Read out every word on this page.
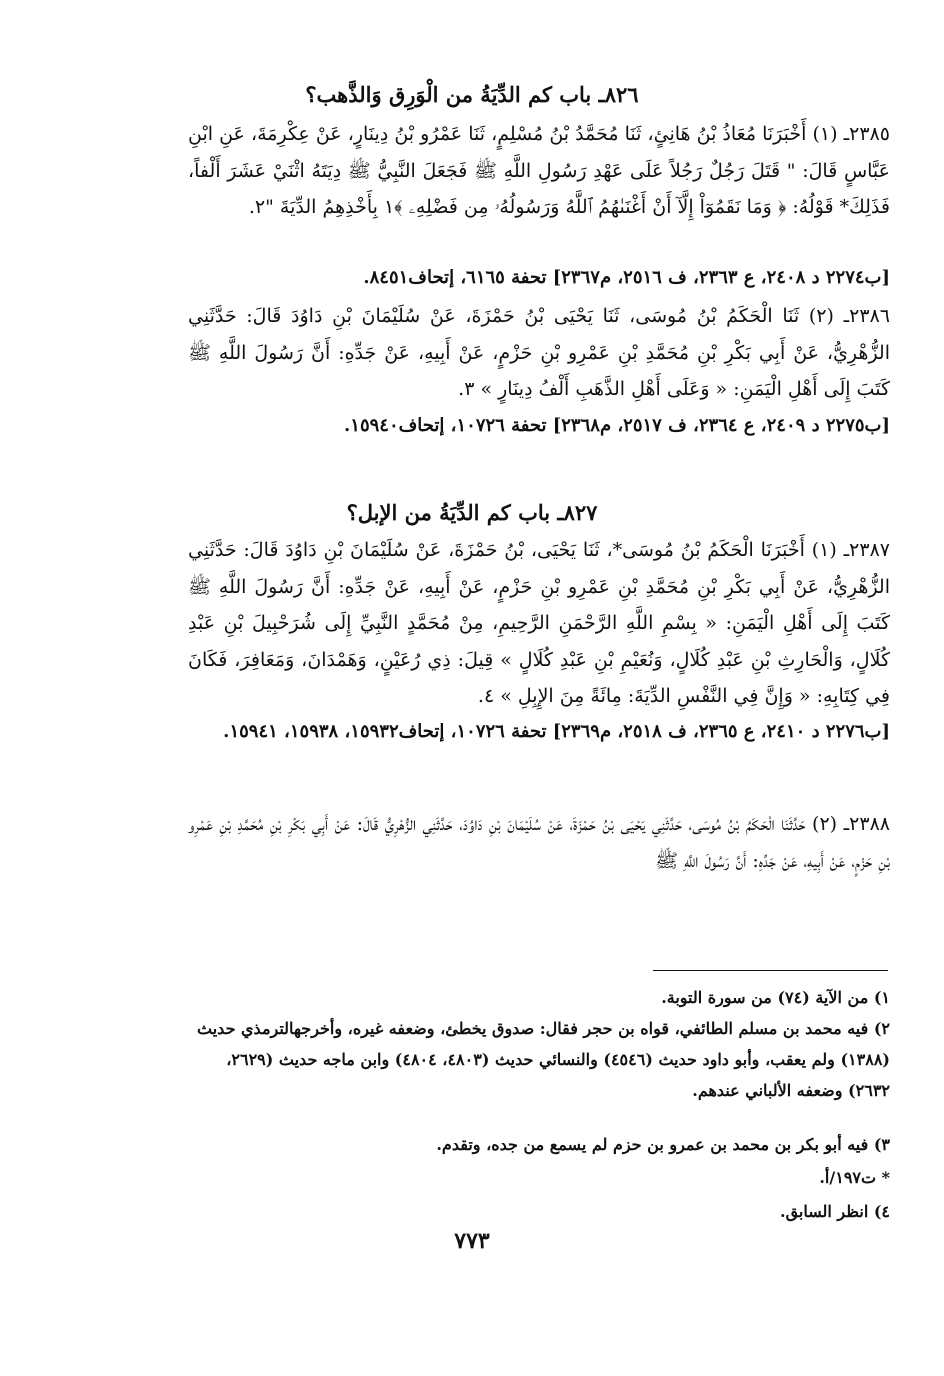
٨٢٦ـ باب كم الدِّيَةُ من الْوَرِق وَالذَّهب؟

٢٣٨٥ـ (١) أَخْبَرَنَا مُعَاذُ بْنُ هَانِئٍ، ثَنَا مُحَمَّدُ بْنُ مُسْلِمٍ، ثَنَا عَمْرُو بْنُ دِينَارٍ، عَنْ عِكْرِمَةَ، عَنِ ابْنِ عَبَّاسٍ قَالَ: " قَتَلَ رَجُلٌ رَجُلاً عَلَى عَهْدِ رَسُولِ اللَّهِ ﷺ فَجَعَلَ النَّبِيُّ ﷺ دِيَتَهُ اثْنَيْ عَشَرَ أَلْفاً، فَذَلِكَ* قَوْلُهُ: ﴿ وَمَا نَقَمُوٓاْ إِلَّآ أَنْ أَغْنَىٰهُمُ ٱللَّهُ وَرَسُولُهُۥ مِن فَضْلِهِۦ ﴾١ بِأَخْذِهِمُ الدِّيَةَ "٢.

[ب٢٢٧٤ د ٢٤٠٨، ع ٢٣٦٣، ف ٢٥١٦، م٢٣٦٧] تحفة ٦١٦٥، إتحاف٨٤٥١.

٢٣٨٦ـ (٢) ثَنَا الْحَكَمُ بْنُ مُوسَى، ثَنَا يَحْيَى بْنُ حَمْزَةَ، عَنْ سُلَيْمَانَ بْنِ دَاوُدَ قَالَ: حَدَّثَنِي الزُّهْرِيُّ، عَنْ أَبِي بَكْرِ بْنِ مُحَمَّدِ بْنِ عَمْرِو بْنِ حَزْمٍ، عَنْ أَبِيهِ، عَنْ جَدِّهِ: أَنَّ رَسُولَ اللَّهِ ﷺ كَتَبَ إِلَى أَهْلِ الْيَمَنِ: « وَعَلَى أَهْلِ الذَّهَبِ أَلْفُ دِينَارٍ » ٣.

[ب٢٢٧٥ د ٢٤٠٩، ع ٢٣٦٤، ف ٢٥١٧، م٢٣٦٨] تحفة ١٠٧٢٦، إتحاف١٥٩٤٠.
٨٢٧ـ باب كم الدِّيَةُ من الإبل؟

٢٣٨٧ـ (١) أَخْبَرَنَا الْحَكَمُ بْنُ مُوسَى*، ثَنَا يَحْيَى، بْنُ حَمْزَةَ، عَنْ سُلَيْمَانَ بْنِ دَاوُدَ قَالَ: حَدَّثَنِي الزُّهْرِيُّ، عَنْ أَبِي بَكْرِ بْنِ مُحَمَّدِ بْنِ عَمْرِو بْنِ حَزْمٍ، عَنْ أَبِيهِ، عَنْ جَدِّهِ: أَنَّ رَسُولَ اللَّهِ ﷺ كَتَبَ إِلَى أَهْلِ الْيَمَنِ: « بِسْمِ اللَّهِ الرَّحْمَنِ الرَّحِيمِ، مِنْ مُحَمَّدٍ النَّبِيِّ إِلَى شُرَحْبِيلَ بْنِ عَبْدِ كُلَالٍ، وَالْحَارِثِ بْنِ عَبْدِ كُلَالٍ، وَنُعَيْمِ بْنِ عَبْدِ كُلَالٍ » قِيلَ: ذِي رُعَيْنٍ، وَهَمْدَانَ، وَمَعَافِرَ، فَكَانَ فِي كِتَابِهِ: « وَإِنَّ فِي النَّفْسِ الدِّيَةَ: مِائَةً مِنَ الإِبِلِ » ٤.

[ب٢٢٧٦ د ٢٤١٠، ع ٢٣٦٥، ف ٢٥١٨، م٢٣٦٩] تحفة ١٠٧٢٦، إتحاف١٥٩٣٢، ١٥٩٣٨، ١٥٩٤١.

٢٣٨٨ـ (٢) حَدَّثَنَا الْحَكَمُ بْنُ مُوسَى، حَدَّثَنِي يَحْيَى بْنُ حَمْزَةَ، عَنْ سُلَيْمَانَ بْنِ دَاوُدَ، حَدَّثَنِي الزُّهْرِيُّ قَالَ: عَنْ أَبِي بَكْرِ بْنِ مُحَمَّدِ بْنِ عَمْرِو بْنِ حَزْمٍ، عَنْ أَبِيهِ، عَنْ جَدِّهِ: أَنَّ رَسُولَ اللَّهِ ﷺ

١) من الآية (٧٤) من سورة التوبة.
٢) فيه محمد بن مسلم الطائفي، قواه بن حجر فقال: صدوق يخطئ، وضعفه غيره، وأخرجهالترمذي حديث (١٣٨٨) ولم يعقب، وأبو داود حديث (٤٥٤٦) والنسائي حديث (٤٨٠٣، ٤٨٠٤) وابن ماجه حديث (٢٦٢٩، ٢٦٣٢) وضعفه الألباني عندهم.
٣) فيه أبو بكر بن محمد بن عمرو بن حزم لم يسمع من جده، وتقدم.
* ت١٩٧/أ.
٤) انظر السابق.
٧٧٣
